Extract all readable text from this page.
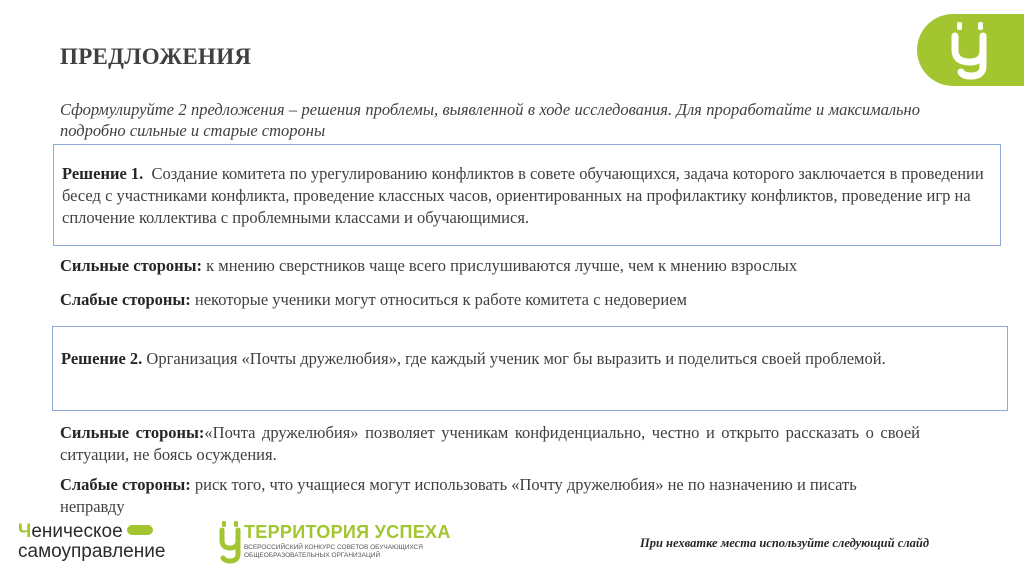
ПРЕДЛОЖЕНИЯ
Сформулируйте 2 предложения – решения проблемы, выявленной в ходе исследования. Для проработайте и максимально подробно сильные и старые стороны
Решение 1. Создание комитета по урегулированию конфликтов в совете обучающихся, задача которого заключается в проведении бесед с участниками конфликта, проведение классных часов, ориентированных на профилактику конфликтов, проведение игр на сплочение коллектива с проблемными классами и обучающимися.
Сильные стороны: к мнению сверстников чаще всего прислушиваются лучше, чем к мнению взрослых
Слабые стороны: некоторые ученики могут относиться к работе комитета с недоверием
Решение 2. Организация «Почты дружелюбия», где каждый ученик мог бы выразить и поделиться своей проблемой.
Сильные стороны:«Почта дружелюбия» позволяет ученикам конфиденциально, честно и открыто рассказать о своей ситуации, не боясь осуждения.
Слабые стороны: риск того, что учащиеся могут использовать «Почту дружелюбия» не по назначению и писать неправду
Ченическое
самоуправление
ТЕРРИТОРИЯ УСПЕХА
ВСЕРОССИЙСКИЙ КОНКУРС СОВЕТОВ ОБУЧАЮЩИХСЯ
ОБЩЕОБРАЗОВАТЕЛЬНЫХ ОРГАНИЗАЦИЙ
При нехватке места используйте следующий слайд
